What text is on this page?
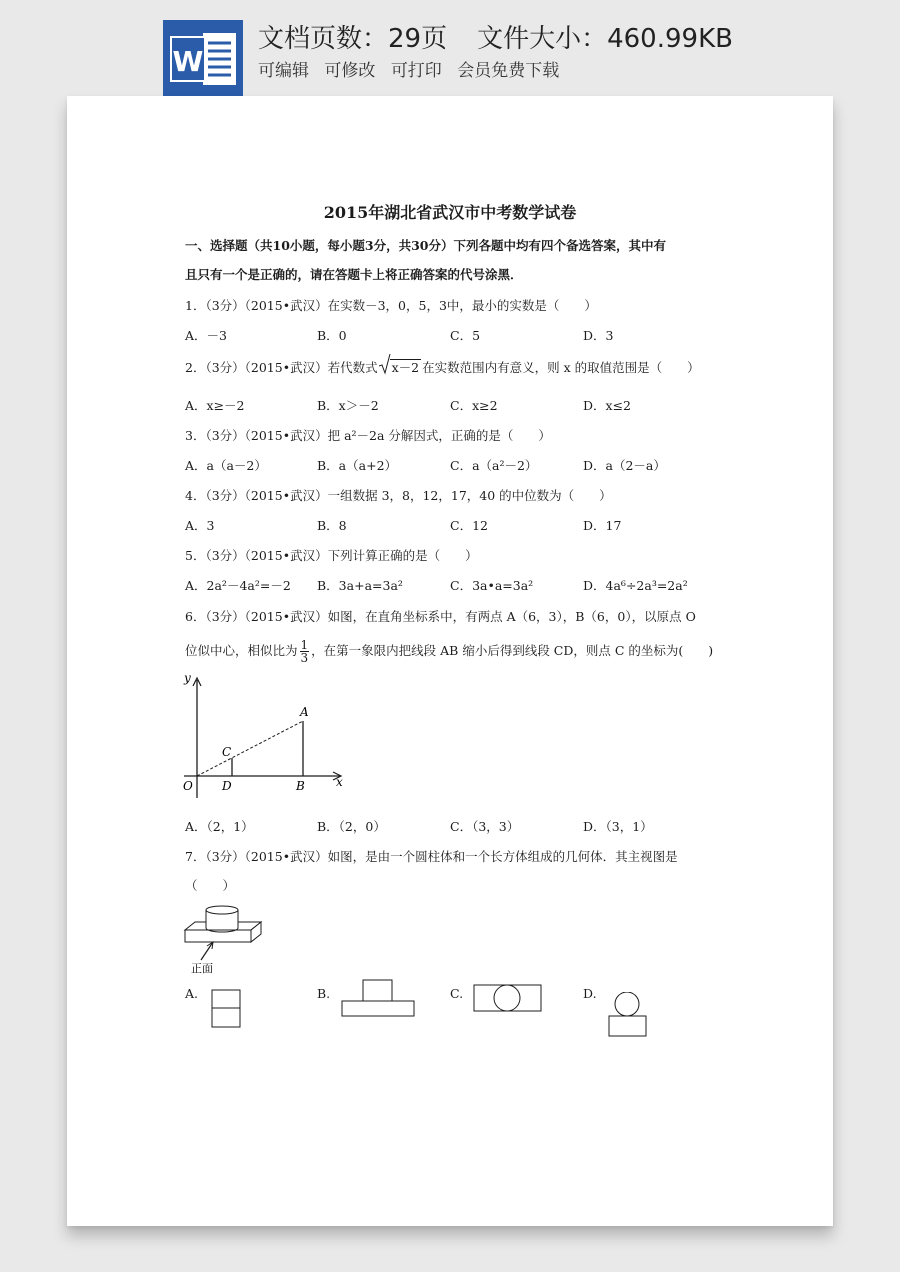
W
文档页数：29页 文件大小：460.99KB
可编辑 可修改 可打印 会员免费下载
2015年湖北省武汉市中考数学试卷
一、选择题（共10小题，每小题3分，共30分）下列各题中均有四个备选答案，其中有
且只有一个是正确的，请在答题卡上将正确答案的代号涂黑．
1．（3分）（2015•武汉）在实数－3，0，5，3中，最小的实数是（　　）
A．－3	B．0	C．5	D．3
2．（3分）（2015•武汉）若代数式 x－2 在实数范围内有意义，则 x 的取值范围是（　　）
A．x≥－2	B．x＞－2	C．x≥2	D．x≤2
3．（3分）（2015•武汉）把 a²－2a 分解因式，正确的是（　　）
A．a（a－2）	B．a（a+2）	C．a（a²－2）	D．a（2－a）
4．（3分）（2015•武汉）一组数据 3，8，12，17，40 的中位数为（　　）
A．3	B．8	C．12	D．17
5．（3分）（2015•武汉）下列计算正确的是（　　）
A．2a²－4a²=－2 B．3a+a=3a²	C．3a•a=3a²	D．4a⁶÷2a³=2a²
6．（3分）（2015•武汉）如图，在直角坐标系中，有两点 A（6，3），B（6，0），以原点 O
位似中心，相似比为 $\frac{1}{3}$ ，在第一象限内把线段 AB 缩小后得到线段 CD，则点 C 的坐标为(　　)
y
x
O
A
B
C
D
A．（2，1）	B．（2，0）	C．（3，3）	D．（3，1）
7．（3分）（2015•武汉）如图，是由一个圆柱体和一个长方体组成的几何体．其主视图是
（　　）
正面
A.	B.	C.	D.
